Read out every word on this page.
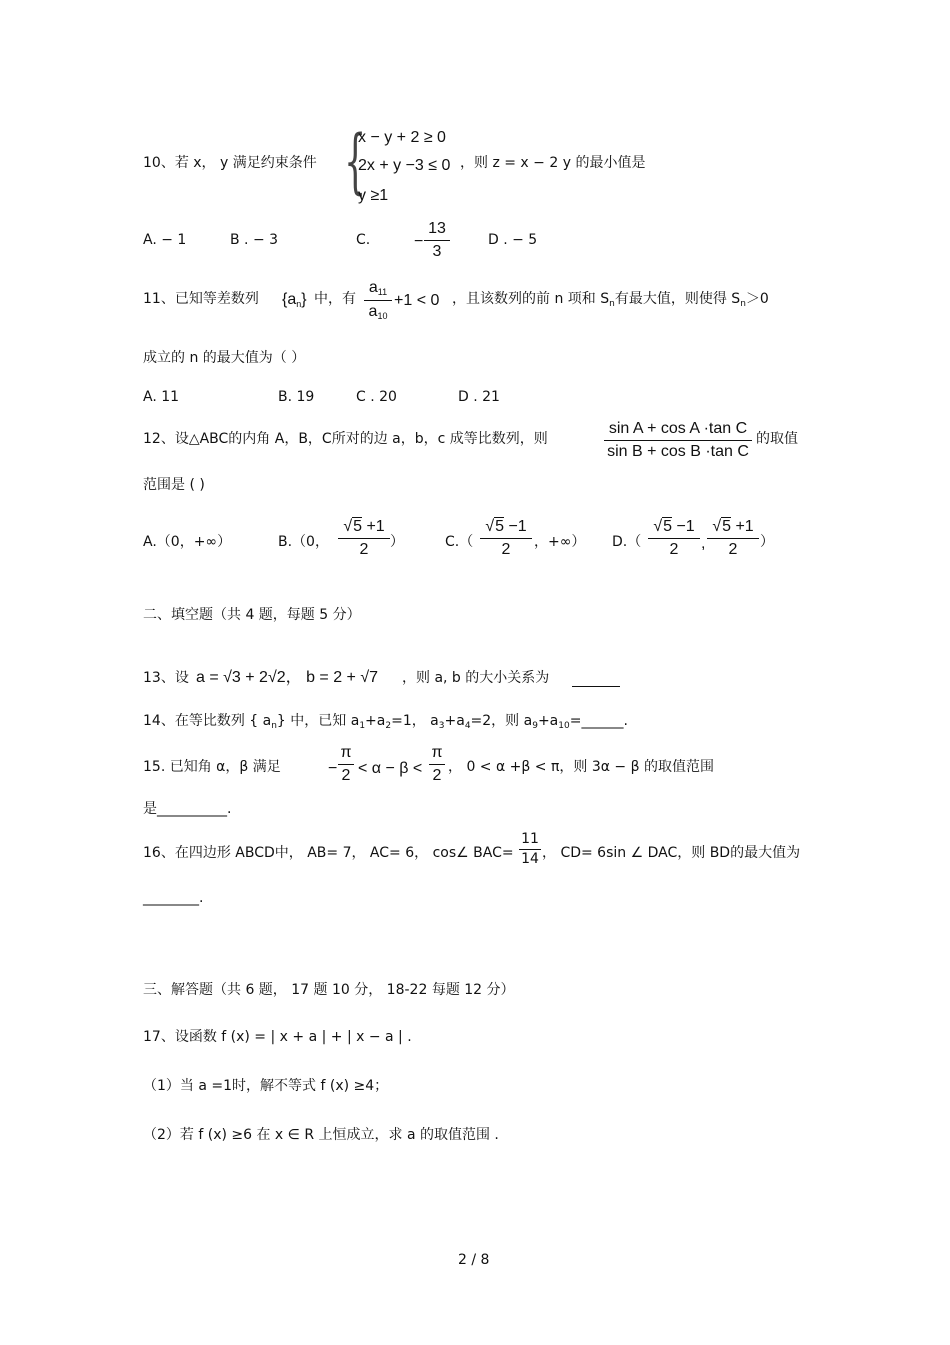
10、若 x， y 满足约束条件 {
x − y + 2 ≥ 0
2x + y −3 ≤ 0
y ≥1
，则 z = x − 2 y 的最小值是
A. − 1	B . − 3	C.	−
13
3
D . − 5
11、已知等差数列 $\{a_n\}$ 中，有
$a_{11}$
$a_{10}$
+1 < 0 ，且该数列的前 n 项和 $S_n$有最大值，则使得 $S_n>0$
成立的 n 的最大值为（ ）
A. 11	B. 19	C . 20	D . 21
12、设△ABC的内角 A，B，C所对的边 a，b，c 成等比数列，则
sin A + cos A ·tan C
sin B + cos B ·tan C
的取值
范围是 ( )
A.（0，+∞）	B.（0，
√5 +1
2	）	C.（
√5 −1
2	，+∞） D.（
√5 −1
2	,
√5 +1
2	）
二、填空题（共 4 题，每题 5 分）
13、设 a = √3 + 2√2， b = 2 + √7 ，则 a, b 的大小关系为
14、在等比数列 { $a_n$} 中，已知 $a_1+a_2=1$， $a_3+a_4=2$，则 $a_9+a_{10}=\_\_\_\_\_\_$.
15. 已知角 α，β 满足	−
π
2 < α − β <
π
2 ， 0 < α +β < π，则 3α − β 的取值范围
是__________.
16、在四边形 ABCD中， AB= 7， AC= 6， cos∠ BAC=
11
14 ， CD= 6sin ∠ DAC，则 BD的最大值为
________.
三、解答题（共 6 题， 17 题 10 分， 18-22 每题 12 分）
17、设函数 f (x) = | x + a | + | x − a | .
（1）当 a =1时，解不等式 f (x) ≥4；
（2）若 f (x) ≥6 在 x ∈ R 上恒成立，求 a 的取值范围 .
2 / 8
